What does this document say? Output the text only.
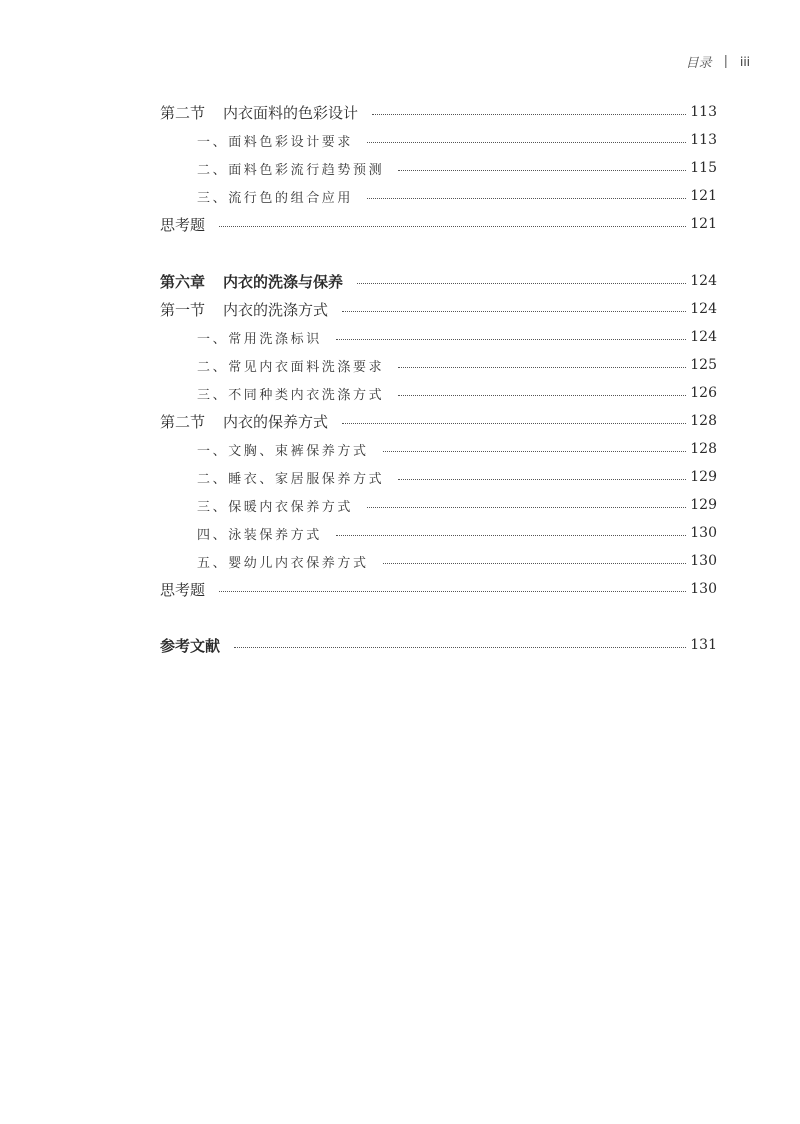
目录 | iii
第二节 内衣面料的色彩设计	113
一、面料色彩设计要求	113
二、面料色彩流行趋势预测	115
三、流行色的组合应用	121
思考题	121
第六章 内衣的洗涤与保养	124
第一节 内衣的洗涤方式	124
一、常用洗涤标识	124
二、常见内衣面料洗涤要求	125
三、不同种类内衣洗涤方式	126
第二节 内衣的保养方式	128
一、文胸、束裤保养方式	128
二、睡衣、家居服保养方式	129
三、保暖内衣保养方式	129
四、泳装保养方式	130
五、婴幼儿内衣保养方式	130
思考题	130
参考文献	131
